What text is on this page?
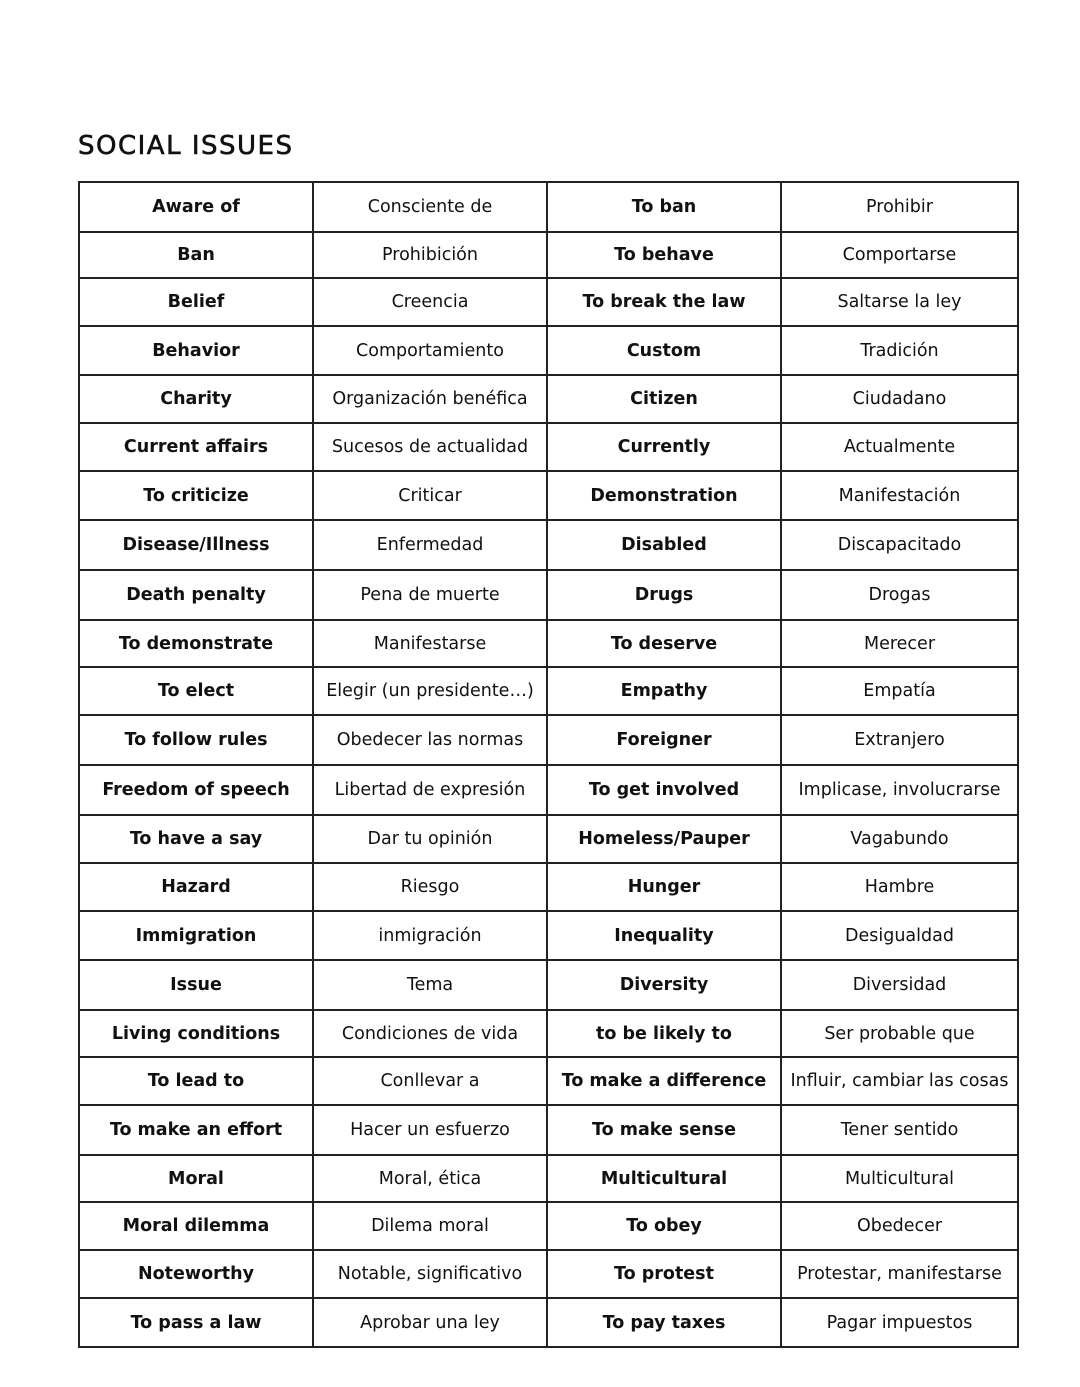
SOCIAL ISSUES
Aware of	Consciente de	To ban	Prohibir
Ban	Prohibición	To behave	Comportarse
Belief	Creencia	To break the law	Saltarse la ley
Behavior	Comportamiento	Custom	Tradición
Charity	Organización benéfica	Citizen	Ciudadano
Current affairs	Sucesos de actualidad	Currently	Actualmente
To criticize	Criticar	Demonstration	Manifestación
Disease/Illness	Enfermedad	Disabled	Discapacitado
Death penalty	Pena de muerte	Drugs	Drogas
To demonstrate	Manifestarse	To deserve	Merecer
To elect	Elegir (un presidente…)	Empathy	Empatía
To follow rules	Obedecer las normas	Foreigner	Extranjero
Freedom of speech	Libertad de expresión	To get involved	Implicase, involucrarse
To have a say	Dar tu opinión	Homeless/Pauper	Vagabundo
Hazard	Riesgo	Hunger	Hambre
Immigration	inmigración	Inequality	Desigualdad
Issue	Tema	Diversity	Diversidad
Living conditions	Condiciones de vida	to be likely to	Ser probable que
To lead to	Conllevar a	To make a difference	Influir, cambiar las cosas
To make an effort	Hacer un esfuerzo	To make sense	Tener sentido
Moral	Moral, ética	Multicultural	Multicultural
Moral dilemma	Dilema moral	To obey	Obedecer
Noteworthy	Notable, significativo	To protest	Protestar, manifestarse
To pass a law	Aprobar una ley	To pay taxes	Pagar impuestos
